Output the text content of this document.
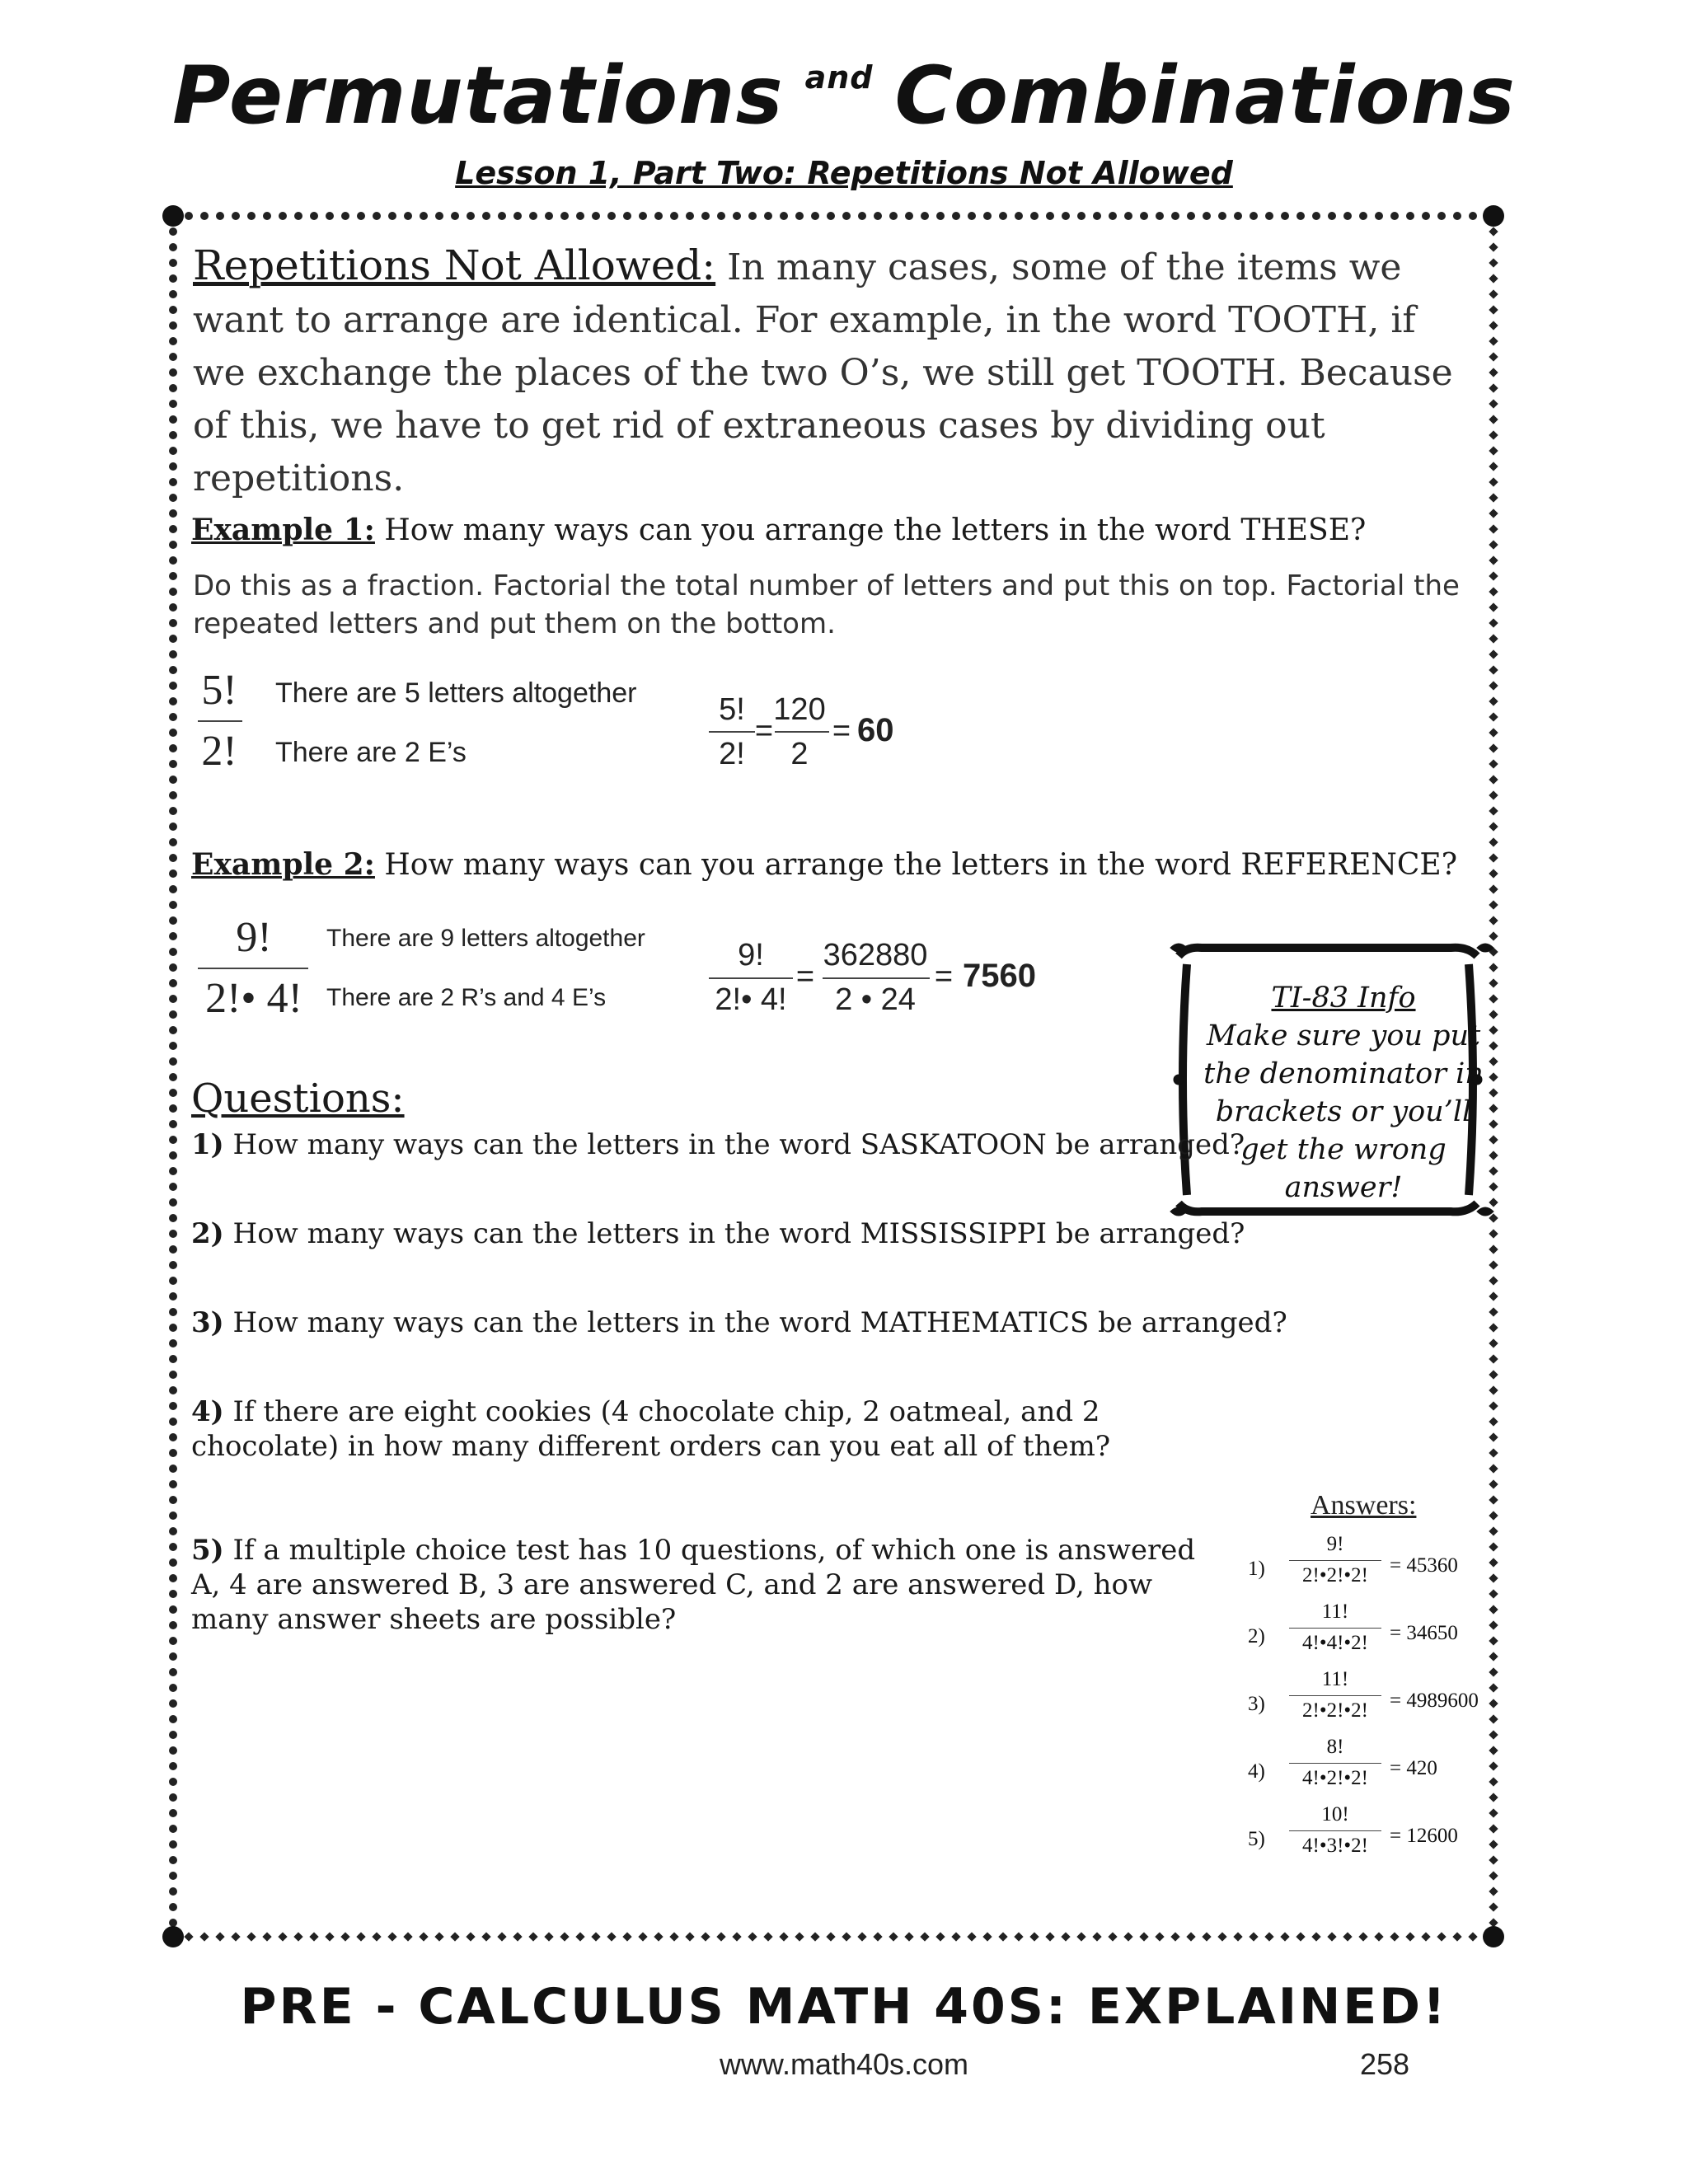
Permutations $^{and}$ Combinations
Lesson 1, Part Two: Repetitions Not Allowed
Repetitions Not Allowed: In many cases, some of the items we want to arrange are identical. For example, in the word TOOTH, if we exchange the places of the two O’s, we still get TOOTH. Because of this, we have to get rid of extraneous cases by dividing out repetitions.
Example 1: How many ways can you arrange the letters in the word THESE?
Do this as a fraction. Factorial the total number of letters and put this on top. Factorial the repeated letters and put them on the bottom.
5!
2!
There are 5 letters altogether
There are 2 E’s
5!
2!
=
120
2
= 60
Example 2: How many ways can you arrange the letters in the word REFERENCE?
9!
2!• 4!
There are 9 letters altogether
There are 2 R’s and 4 E’s
9!
2!• 4!
=
362880
2 • 24
= 7560
TI-83 Info
Make sure you put the denominator in brackets or you’ll get the wrong answer!
Questions:
1) How many ways can the letters in the word SASKATOON be arranged?
2) How many ways can the letters in the word MISSISSIPPI be arranged?
3) How many ways can the letters in the word MATHEMATICS be arranged?
4) If there are eight cookies (4 chocolate chip, 2 oatmeal, and 2 chocolate) in how many different orders can you eat all of them?
5) If a multiple choice test has 10 questions, of which one is answered A, 4 are answered B, 3 are answered C, and 2 are answered D, how many answer sheets are possible?
Answers:
1)
9!
2!•2!•2!	= 45360
2)
11!
4!•4!•2!	= 34650
3)
11!
2!•2!•2!	= 4989600
4)
8!
4!•2!•2!	= 420
5)
10!
4!•3!•2!	= 12600
PRE - CALCULUS MATH 40S: EXPLAINED!
www.math40s.com	258
